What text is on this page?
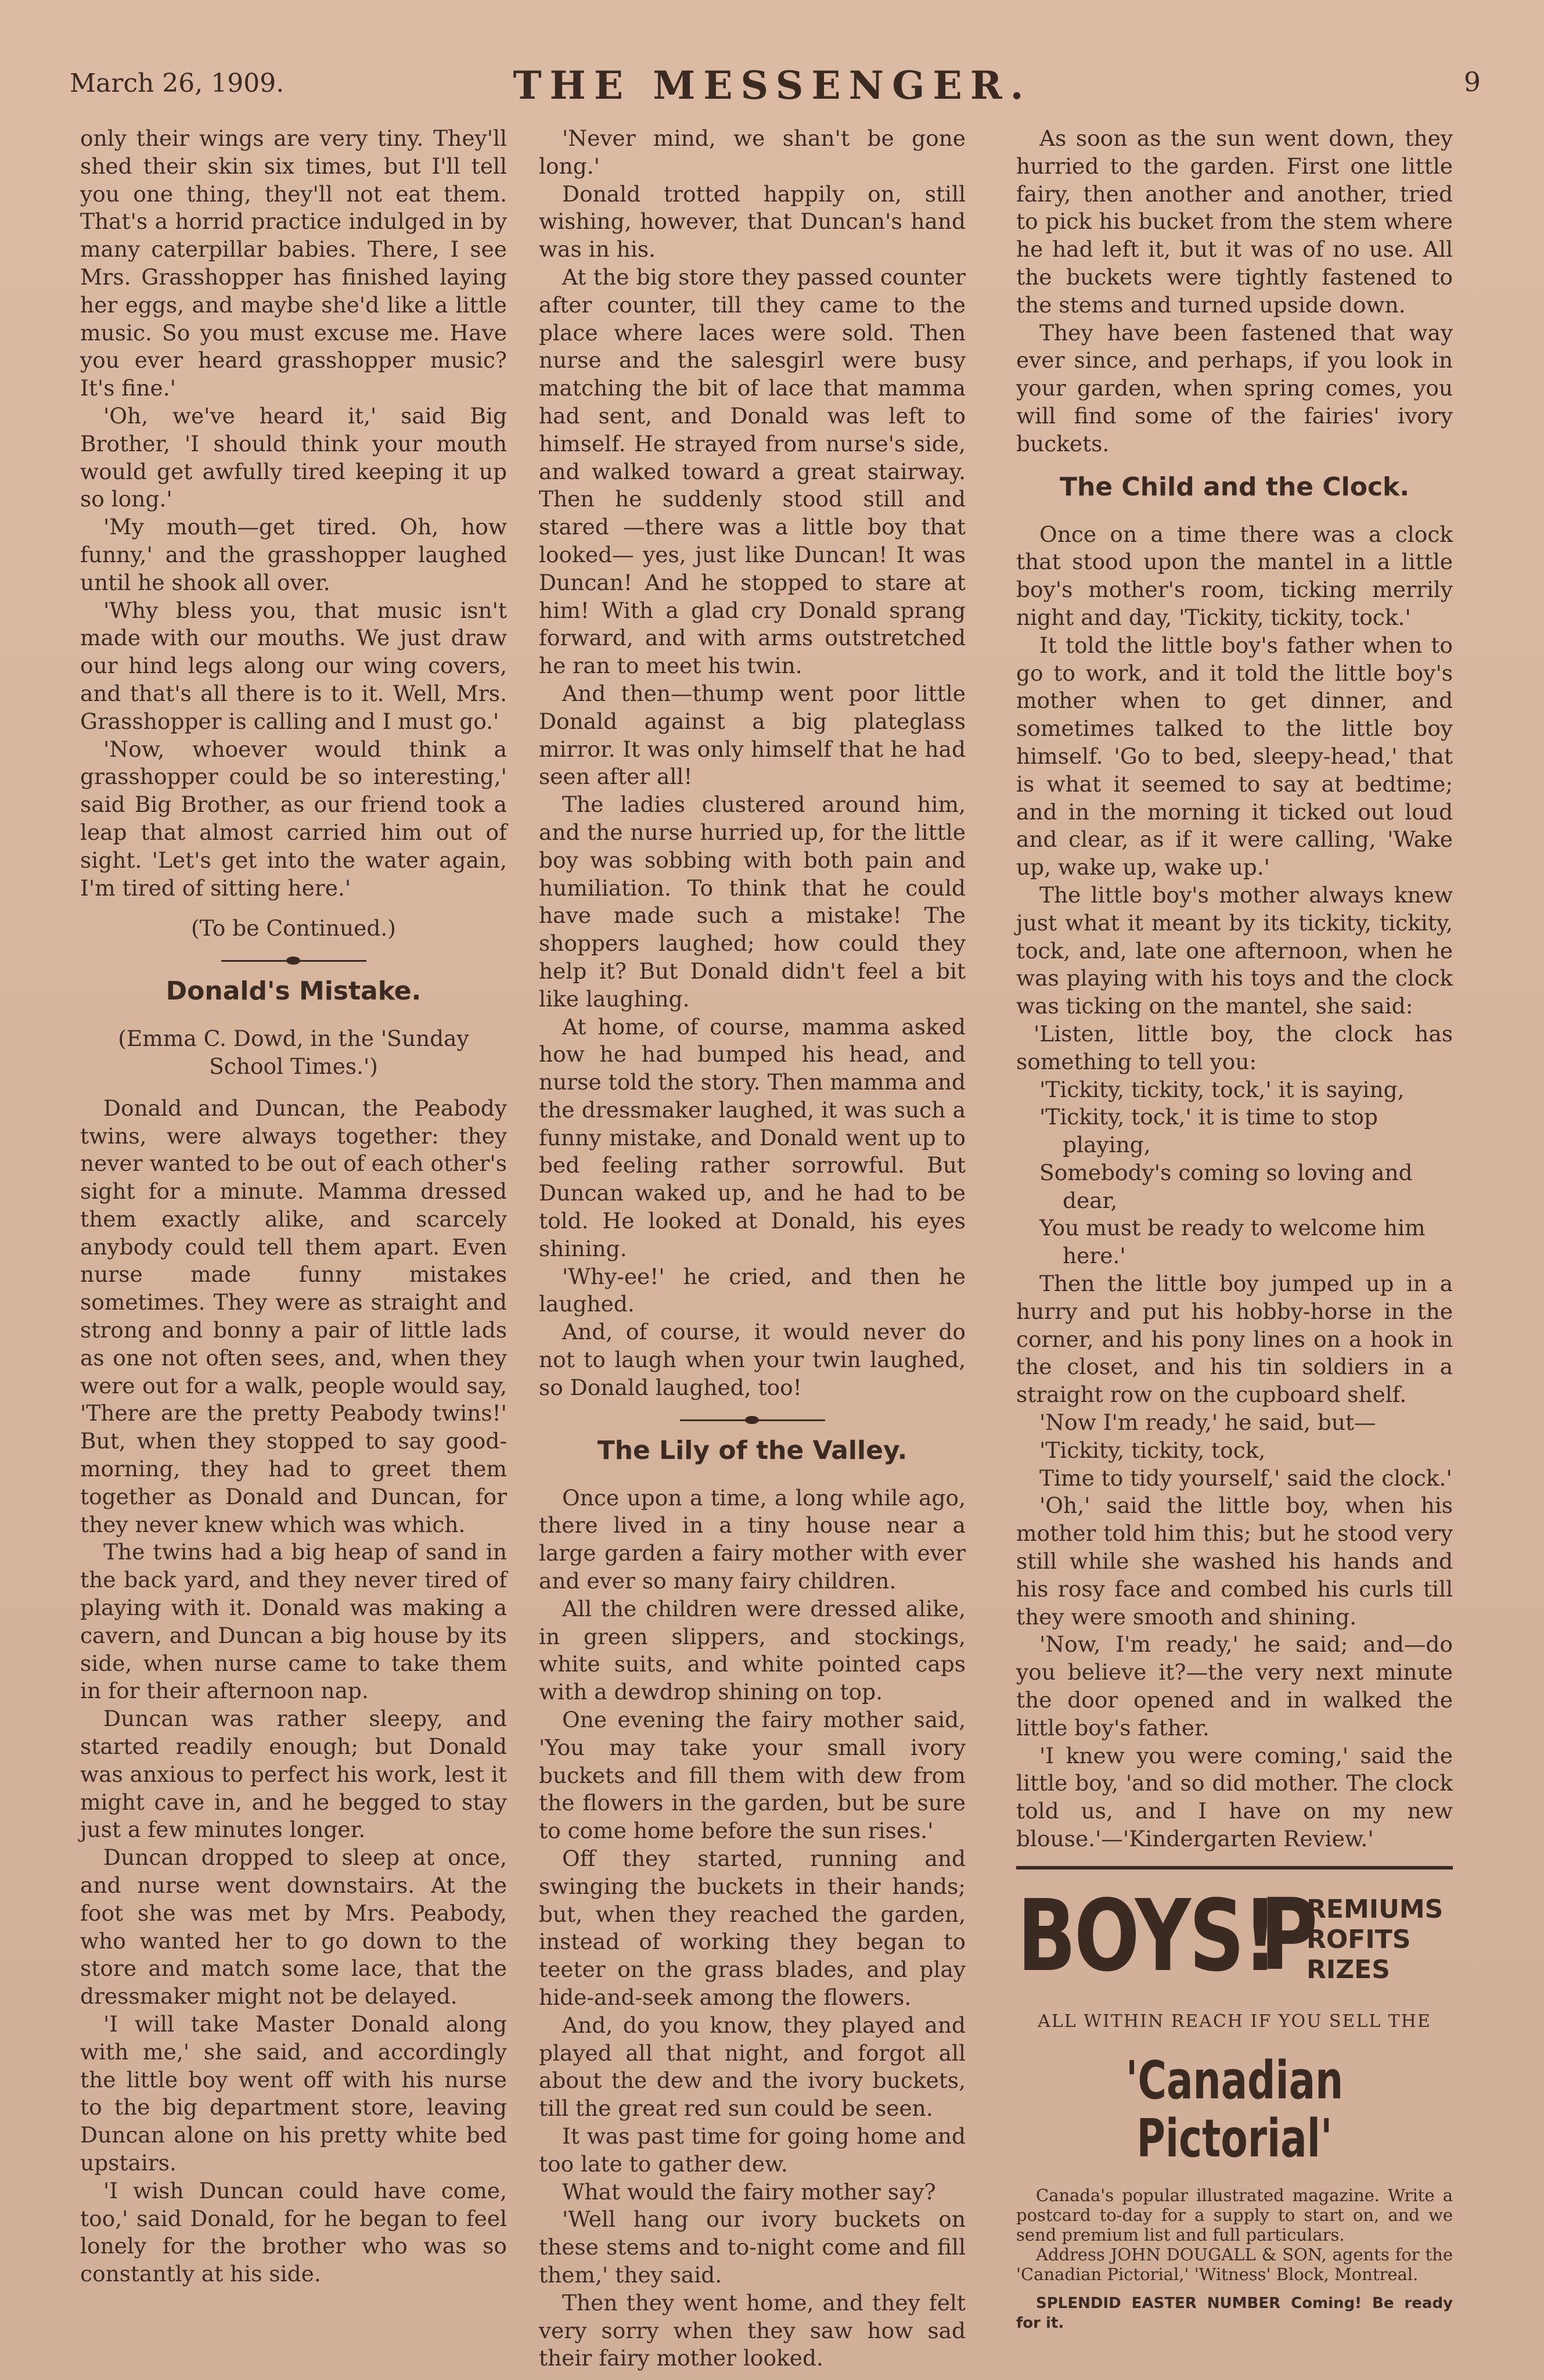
March 26, 1909.	THE MESSENGER.	9

only their wings are very tiny. They'll shed their skin six times, but I'll tell you one thing, they'll not eat them. That's a horrid practice indulged in by many caterpillar babies. There, I see Mrs. Grasshopper has finished laying her eggs, and maybe she'd like a little music. So you must excuse me. Have you ever heard grasshopper music? It's fine.'

'Oh, we've heard it,' said Big Brother, 'I should think your mouth would get awfully tired keeping it up so long.'

'My mouth—get tired. Oh, how funny,' and the grasshopper laughed until he shook all over.

'Why bless you, that music isn't made with our mouths. We just draw our hind legs along our wing covers, and that's all there is to it. Well, Mrs. Grasshopper is calling and I must go.'

'Now, whoever would think a grasshopper could be so interesting,' said Big Brother, as our friend took a leap that almost carried him out of sight. 'Let's get into the water again, I'm tired of sitting here.'

(To be Continued.)

Donald's Mistake.

(Emma C. Dowd, in the 'Sunday School Times.')

Donald and Duncan, the Peabody twins, were always together: they never wanted to be out of each other's sight for a minute. Mamma dressed them exactly alike, and scarcely anybody could tell them apart. Even nurse made funny mistakes sometimes. They were as straight and strong and bonny a pair of little lads as one not often sees, and, when they were out for a walk, people would say, 'There are the pretty Peabody twins!' But, when they stopped to say good-morning, they had to greet them together as Donald and Duncan, for they never knew which was which.

The twins had a big heap of sand in the back yard, and they never tired of playing with it. Donald was making a cavern, and Duncan a big house by its side, when nurse came to take them in for their afternoon nap.

Duncan was rather sleepy, and started readily enough; but Donald was anxious to perfect his work, lest it might cave in, and he begged to stay just a few minutes longer.

Duncan dropped to sleep at once, and nurse went downstairs. At the foot she was met by Mrs. Peabody, who wanted her to go down to the store and match some lace, that the dressmaker might not be delayed.

'I will take Master Donald along with me,' she said, and accordingly the little boy went off with his nurse to the big department store, leaving Duncan alone on his pretty white bed upstairs.

'I wish Duncan could have come, too,' said Donald, for he began to feel lonely for the brother who was so constantly at his side.

'Never mind, we shan't be gone long.'

Donald trotted happily on, still wishing, however, that Duncan's hand was in his.

At the big store they passed counter after counter, till they came to the place where laces were sold. Then nurse and the salesgirl were busy matching the bit of lace that mamma had sent, and Donald was left to himself. He strayed from nurse's side, and walked toward a great stairway. Then he suddenly stood still and stared —there was a little boy that looked— yes, just like Duncan! It was Duncan! And he stopped to stare at him! With a glad cry Donald sprang forward, and with arms outstretched he ran to meet his twin.

And then—thump went poor little Donald against a big plateglass mirror. It was only himself that he had seen after all!

The ladies clustered around him, and the nurse hurried up, for the little boy was sobbing with both pain and humiliation. To think that he could have made such a mistake! The shoppers laughed; how could they help it? But Donald didn't feel a bit like laughing.

At home, of course, mamma asked how he had bumped his head, and nurse told the story. Then mamma and the dressmaker laughed, it was such a funny mistake, and Donald went up to bed feeling rather sorrowful. But Duncan waked up, and he had to be told. He looked at Donald, his eyes shining.

'Why-ee!' he cried, and then he laughed.

And, of course, it would never do not to laugh when your twin laughed, so Donald laughed, too!

The Lily of the Valley.

Once upon a time, a long while ago, there lived in a tiny house near a large garden a fairy mother with ever and ever so many fairy children.

All the children were dressed alike, in green slippers, and stockings, white suits, and white pointed caps with a dewdrop shining on top.

One evening the fairy mother said, 'You may take your small ivory buckets and fill them with dew from the flowers in the garden, but be sure to come home before the sun rises.'

Off they started, running and swinging the buckets in their hands; but, when they reached the garden, instead of working they began to teeter on the grass blades, and play hide-and-seek among the flowers.

And, do you know, they played and played all that night, and forgot all about the dew and the ivory buckets, till the great red sun could be seen.

It was past time for going home and too late to gather dew.

What would the fairy mother say?

'Well hang our ivory buckets on these stems and to-night come and fill them,' they said.

Then they went home, and they felt very sorry when they saw how sad their fairy mother looked.

As soon as the sun went down, they hurried to the garden. First one little fairy, then another and another, tried to pick his bucket from the stem where he had left it, but it was of no use. All the buckets were tightly fastened to the stems and turned upside down.

They have been fastened that way ever since, and perhaps, if you look in your garden, when spring comes, you will find some of the fairies' ivory buckets.

The Child and the Clock.

Once on a time there was a clock that stood upon the mantel in a little boy's mother's room, ticking merrily night and day, 'Tickity, tickity, tock.'

It told the little boy's father when to go to work, and it told the little boy's mother when to get dinner, and sometimes talked to the little boy himself. 'Go to bed, sleepy-head,' that is what it seemed to say at bedtime; and in the morning it ticked out loud and clear, as if it were calling, 'Wake up, wake up, wake up.'

The little boy's mother always knew just what it meant by its tickity, tickity, tock, and, late one afternoon, when he was playing with his toys and the clock was ticking on the mantel, she said:

'Listen, little boy, the clock has something to tell you:

'Tickity, tickity, tock,' it is saying,

'Tickity, tock,' it is time to stop

playing,

Somebody's coming so loving and

dear,

You must be ready to welcome him

here.'

Then the little boy jumped up in a hurry and put his hobby-horse in the corner, and his pony lines on a hook in the closet, and his tin soldiers in a straight row on the cupboard shelf.

'Now I'm ready,' he said, but—

'Tickity, tickity, tock,

Time to tidy yourself,' said the clock.'

'Oh,' said the little boy, when his mother told him this; but he stood very still while she washed his hands and his rosy face and combed his curls till they were smooth and shining.

'Now, I'm ready,' he said; and—do you believe it?—the very next minute the door opened and in walked the little boy's father.

'I knew you were coming,' said the little boy, 'and so did mother. The clock told us, and I have on my new blouse.'—'Kindergarten Review.'

BOYS!
P
REMIUMS
ROFITS
RIZES
ALL WITHIN REACH IF YOU SELL THE
'Canadian Pictorial'

Canada's popular illustrated magazine. Write a postcard to-day for a supply to start on, and we send premium list and full particulars.

Address JOHN DOUGALL & SON, agents for the 'Canadian Pictorial,' 'Witness' Block, Montreal.

SPLENDID EASTER NUMBER Coming! Be ready for it.
